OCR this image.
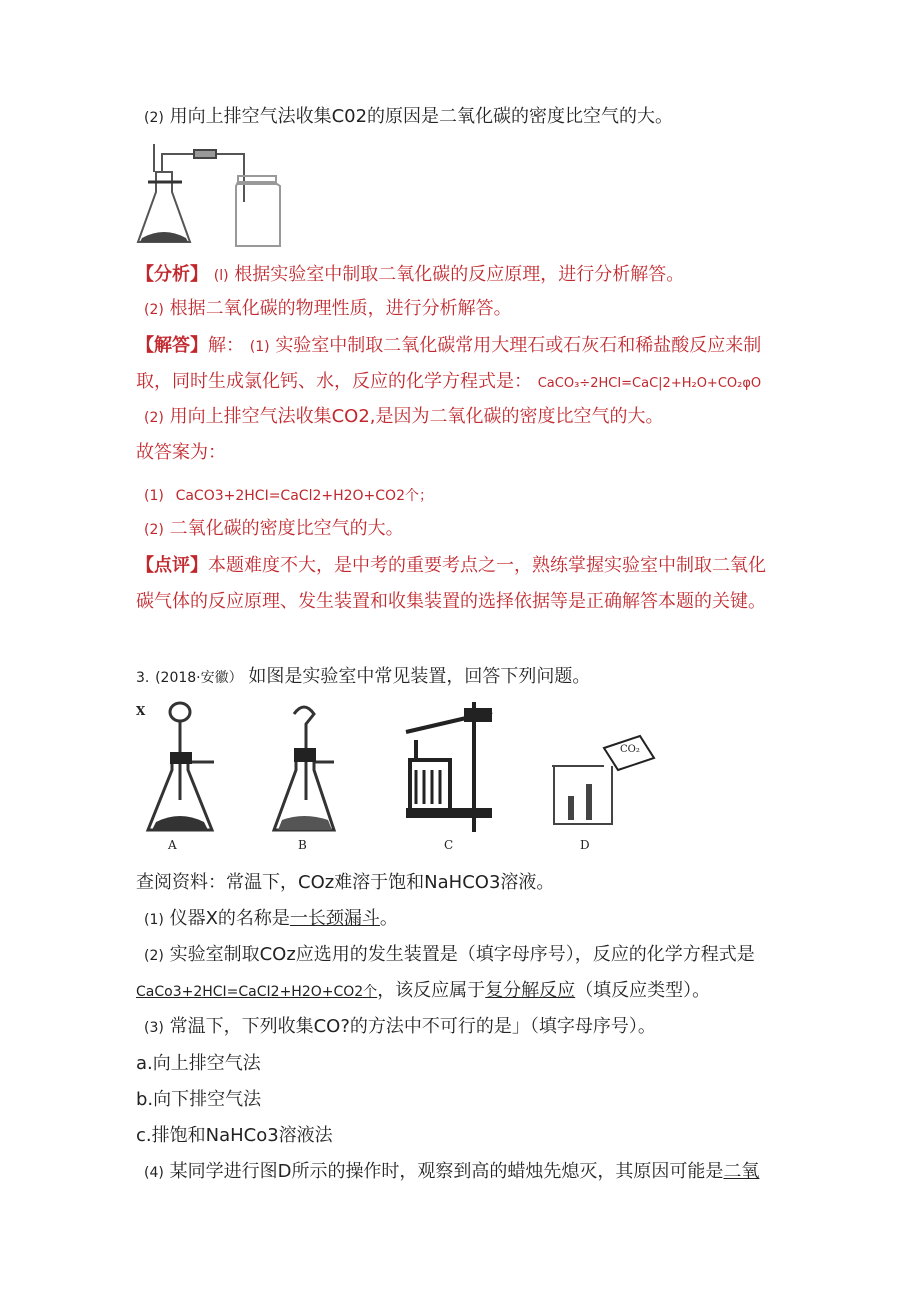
(2) 用向上排空气法收集C02的原因是二氧化碳的密度比空气的大。
【分析】 (l) 根据实验室中制取二氧化碳的反应原理，进行分析解答。
(2) 根据二氧化碳的物理性质，进行分析解答。
【解答】解： (1) 实验室中制取二氧化碳常用大理石或石灰石和稀盐酸反应来制
取，同时生成氯化钙、水，反应的化学方程式是： CaCO₃÷2HCI=CaC|2+H₂O+CO₂φO
(2) 用向上排空气法收集CO2,是因为二氧化碳的密度比空气的大。
故答案为：
(1) CaCO3+2HCI=CaCl2+H2O+CO2个；
(2) 二氧化碳的密度比空气的大。
【点评】本题难度不大，是中考的重要考点之一，熟练掌握实验室中制取二氧化
碳气体的反应原理、发生装置和收集装置的选择依据等是正确解答本题的关键。
3. (2018·安徽） 如图是实验室中常见装置，回答下列问题。
X
A	B	C	D
CO₂
查阅资料：常温下，COz难溶于饱和NaHCO3溶液。
(1) 仪器X的名称是一长颈漏斗。
(2) 实验室制取COz应选用的发生装置是（填字母序号），反应的化学方程式是
CaCo3+2HCI=CaCI2+H2O+CO2个，该反应属于复分解反应（填反应类型）。
(3) 常温下，下列收集CO?的方法中不可行的是」（填字母序号）。
a.向上排空气法
b.向下排空气法
c.排饱和NaHCo3溶液法
(4) 某同学进行图D所示的操作时，观察到高的蜡烛先熄灭，其原因可能是二氧
